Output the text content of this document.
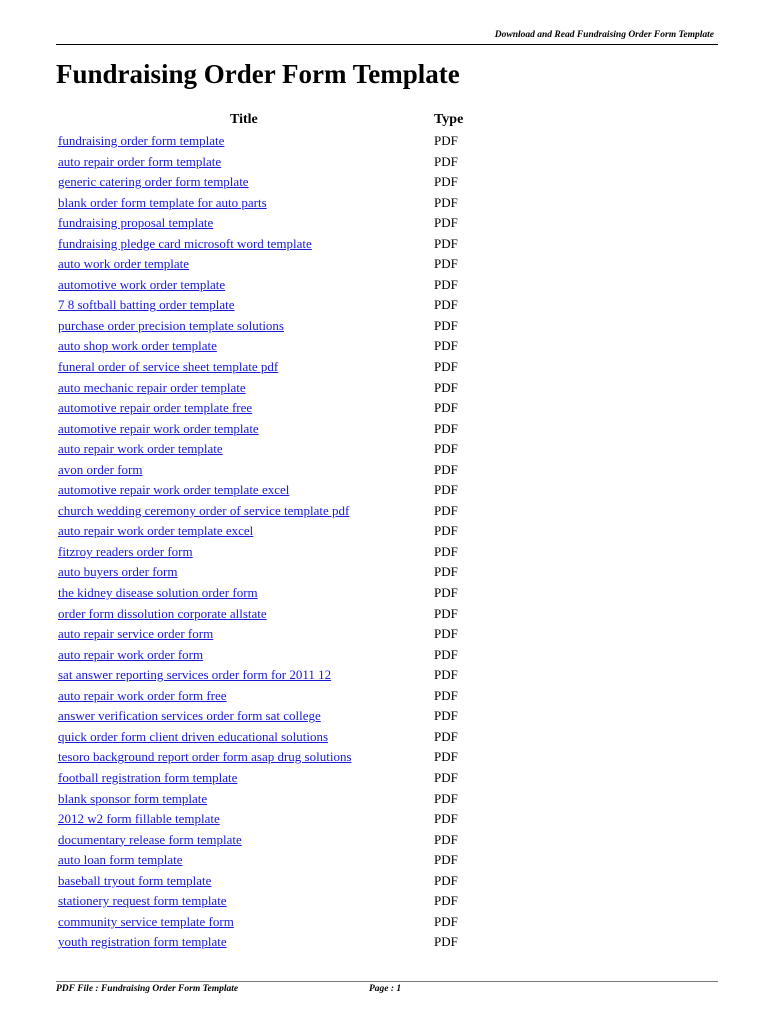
Download and Read Fundraising Order Form Template
Fundraising Order Form Template
Title	Type
fundraising order form template	PDF
auto repair order form template	PDF
generic catering order form template	PDF
blank order form template for auto parts	PDF
fundraising proposal template	PDF
fundraising pledge card microsoft word template	PDF
auto work order template	PDF
automotive work order template	PDF
7 8 softball batting order template	PDF
purchase order precision template solutions	PDF
auto shop work order template	PDF
funeral order of service sheet template pdf	PDF
auto mechanic repair order template	PDF
automotive repair order template free	PDF
automotive repair work order template	PDF
auto repair work order template	PDF
avon order form	PDF
automotive repair work order template excel	PDF
church wedding ceremony order of service template pdf	PDF
auto repair work order template excel	PDF
fitzroy readers order form	PDF
auto buyers order form	PDF
the kidney disease solution order form	PDF
order form dissolution corporate allstate	PDF
auto repair service order form	PDF
auto repair work order form	PDF
sat answer reporting services order form for 2011 12	PDF
auto repair work order form free	PDF
answer verification services order form sat college	PDF
quick order form client driven educational solutions	PDF
tesoro background report order form asap drug solutions	PDF
football registration form template	PDF
blank sponsor form template	PDF
2012 w2 form fillable template	PDF
documentary release form template	PDF
auto loan form template	PDF
baseball tryout form template	PDF
stationery request form template	PDF
community service template form	PDF
youth registration form template	PDF
PDF File : Fundraising Order Form Template	Page : 1
